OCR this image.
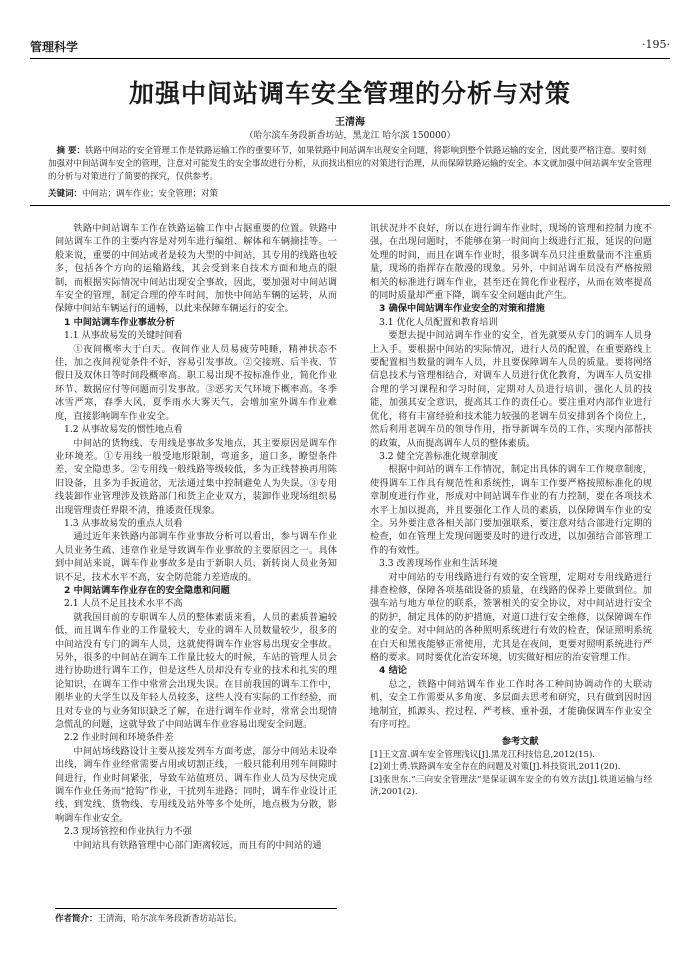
管理科学	·195·
加强中间站调车安全管理的分析与对策
王清海
（哈尔滨车务段新香坊站，黑龙江 哈尔滨 150000）
摘 要：铁路中间站的安全管理工作是铁路运输工作的重要环节，如果铁路中间站调车出现安全问题，将影响到整个铁路运输的安全，因此要严格注意。要时刻加强对中间站调车安全的管理，注意对可能发生的安全事故进行分析，从而找出相应的对策进行治理，从而保障铁路运输的安全。本文就加强中间站调车安全管理的分析与对策进行了简要的探究，仅供参考。
关键词：中间站；调车作业；安全管理；对策

铁路中间站调车工作在铁路运输工作中占据重要的位置。铁路中间站调车工作的主要内容是对列车进行编组、解体和车辆摘挂等。一般来说，重要的中间站或者是较为大型的中间站，其专用的线路也较多，包括各个方向的运输路线，其会受到来自技术方面和地点的限制，而根据实际情况中间站出现安全事故，因此，要加强对中间站调车安全的管理，制定合理的停车时间，加快中间站车辆的运转，从而保障中间站车辆运行的通畅，以此来保障车辆运行的安全。

1 中间站调车作业事故分析
1.1 从事故易发的关键时间看

①夜间概率大于白天。夜间作业人员易疲劳吨睡，精神状态不佳，加之夜间视觉条件不好，容易引发事故。②交接班、后半夜、节假日及双休日等时间段概率高。职工易出现不按标准作业，简化作业环节、数据应付等问题而引发事故。③恶劣天气环境下概率高。冬季冰雪严寒，春季大风，夏季雨水大雾天气，会增加室外调车作业难度，直接影响调车作业安全。

1.2 从事故易发的惯性地点看

中间站的货物线、专用线是事故多发地点，其主要原因是调车作业环境差。①专用线一般受地形限制，弯道多，道口多，瞭望条件差，安全隐患多。②专用线一般线路等级较低，多为正线替换再用陈旧设备，且多为手扳道岔，无法通过集中控制避免人为失误。③专用线装卸作业管理涉及铁路部门和货主企业双方，装卸作业现场组织易出现管理责任界限不清，推诿责任现象。

1.3 从事故易发的重点人员看

通过近年来铁路内部调车作业事故分析可以看出，参与调车作业人员业务生疏、违章作业是导致调车作业事故的主要原因之一。具体到中间站来说，调车作业事故多是由于新职人员、新转岗人员业务知识不足，技术水平不高，安全防范能力差造成的。

2 中间站调车作业存在的安全隐患和问题
2.1 人员不足且技术水平不高

就我国目前的专职调车人员的整体素质来看，人员的素质普遍较低，而且调车作业的工作量较大，专业的调车人员数量较少，很多的中间站没有专门的调车人员，这就使得调车作业容易出现安全事故。另外，很多的中间站在调车工作量比较大的时候，车站的管理人员会进行协助进行调车工作，但是这些人员却没有专业的技术和扎实的理论知识，在调车工作中常常会出现失误。在目前我国的调车工作中，刚毕业的大学生以及年轻人员较多，这些人没有实际的工作经验，而且对专业的与业务知识缺乏了解，在进行调车作业时，常常会出现情急慌乱的问题，这就导致了中间站调车作业容易出现安全问题。

2.2 作业时间和环境条件差

中间站场线路设计主要从接发列车方面考虑，部分中间站未设牵出线，调车作业经常需要占用或切割正线，一般只能利用列车间隙时间进行，作业时间紧张，导致车站值班员、调车作业人员为尽快完成调车作业任务而“抢钩”作业，干扰列车进路；同时，调车作业设计正线、到发线、货物线、专用线及站外等多个处所，地点极为分散，影响调车作业安全。

2.3 现场管控和作业执行力不强

中间站具有铁路管理中心部门距离较远，而且有的中间站的通

讯状况并不良好，所以在进行调车作业时，现场的管理和控制力度不强，在出现问题时，不能够在第一时间向上级进行汇报，延误的问题处理的时间，而且在调车作业时，很多调车员只注重数量而不注重质量，现场的指挥存在散漫的现象。另外，中间站调车员没有严格按照相关的标准进行调车作业，甚至还在简化作业程序，从而在效率提高的同时质量却严重下降，调车安全问题由此产生。

3 确保中间站调车作业安全的对策和措施
3.1 优化人员配置和教育培训

要想去提中间站调车作业的安全，首先就要从专门的调车人员身上入手。要根据中间站的实际情况，进行人员的配置，在重要路线上要配置相当数量的调车人员，并且要保障调车人员的质量。要将网络信息技术与管理相结合，对调车人员进行优化教育，为调车人员安排合理的学习课程和学习时间，定期对人员进行培训，强化人员的技能，加强其安全意识，提高其工作的责任心。要注重对内部作业进行优化，将有丰富经验和技术能力较强的老调车员安排到各个岗位上，然后利用老调车员的领导作用，指导新调车员的工作，实现内部帮扶的政策，从而提高调车人员的整体素质。

3.2 健全完善标准化规章制度

根据中间站的调车工作情况，制定出具体的调车工作规章制度，使得调车工作具有规范性和系统性，调车工作要严格按照标准化的规章制度进行作业，形成对中间站调车作业的有力控制，要在各项技术水平上加以提高，并且要强化工作人员的素质，以保障调车作业的安全。另外要注意各相关部门要加强联系，要注意对结合部进行定期的检查，如在管理上发现问题要及时的进行改进，以加强结合部管理工作的有效性。

3.3 改善现场作业和生活环境

对中间站的专用线路进行有效的安全管理，定期对专用线路进行排查检修，保障各项基础设备的质量，在线路的保养上要做到位。加强车站与地方单位的联系，签署相关的安全协议，对中间站进行安全的防护，制定具体的防护措施，对道口进行安全维修，以保障调车作业的安全。对中间站的各种照明系统进行有效的检查，保证照明系统在白天和黑夜能够正常使用，尤其是在夜间，更要对照明系统进行严格的要求。同时要优化治安环境，切实做好相应的治安管理工作。

4 结论

总之，铁路中间站调车作业工作时各工种间协调动作的大联动机，安全工作需要从多角度、多层面去思考和研究，只有做到因时因地制宜，抓源头、控过程、严考核、重补强，才能确保调车作业安全有序可控。

参考文献

[1]王文富.调车安全管理浅议[J].黑龙江科技信息,2012(15).

[2]刘士勇.铁路调车安全存在的问题及对策[J].科技资讯,2011(20).

[3]张世东.“三向安全管理法”是保证调车安全的有效方法[J].铁道运输与经济,2001(2).

作者简介：王清海，哈尔滨车务段新香坊站站长。
